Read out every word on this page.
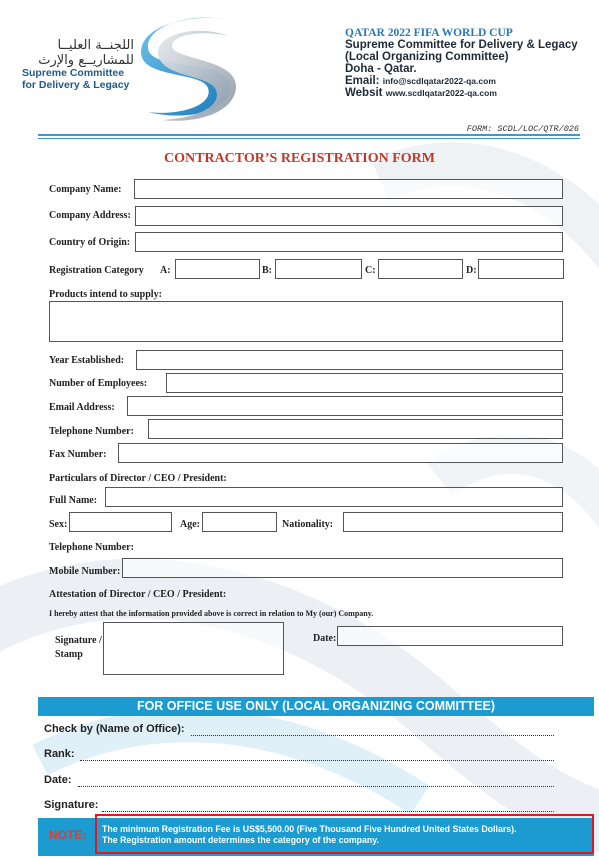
اللجنــة العليــا
للمشاريــع والإرث
Supreme Committee
for Delivery & Legacy
QATAR 2022 FIFA WORLD CUP
Supreme Committee for Delivery & Legacy
(Local Organizing Committee)
Doha - Qatar.
Email: info@scdlqatar2022-qa.com
Websit www.scdlqatar2022-qa.com
FORM: SCDL/LOC/QTR/026
CONTRACTOR’S REGISTRATION FORM
Company Name:
Company Address:
Country of Origin:
Registration Category A:	B:	C:	D:
Products intend to supply:
Year Established:
Number of Employees:
Email Address:
Telephone Number:
Fax Number:
Particulars of Director / CEO / President:
Full Name:
Sex:	Age:	Nationality:
Telephone Number:
Mobile Number:
Attestation of Director / CEO / President:
I hereby attest that the information provided above is correct in relation to My (our) Company.
Signature /
Stamp
Date:
FOR OFFICE USE ONLY (LOCAL ORGANIZING COMMITTEE)
Check by (Name of Office):
Rank:
Date:
Signature:
NOTE: The minimum Registration Fee is US$5,500.00 (Five Thousand Five Hundred United States Dollars).
The Registration amount determines the category of the company.
